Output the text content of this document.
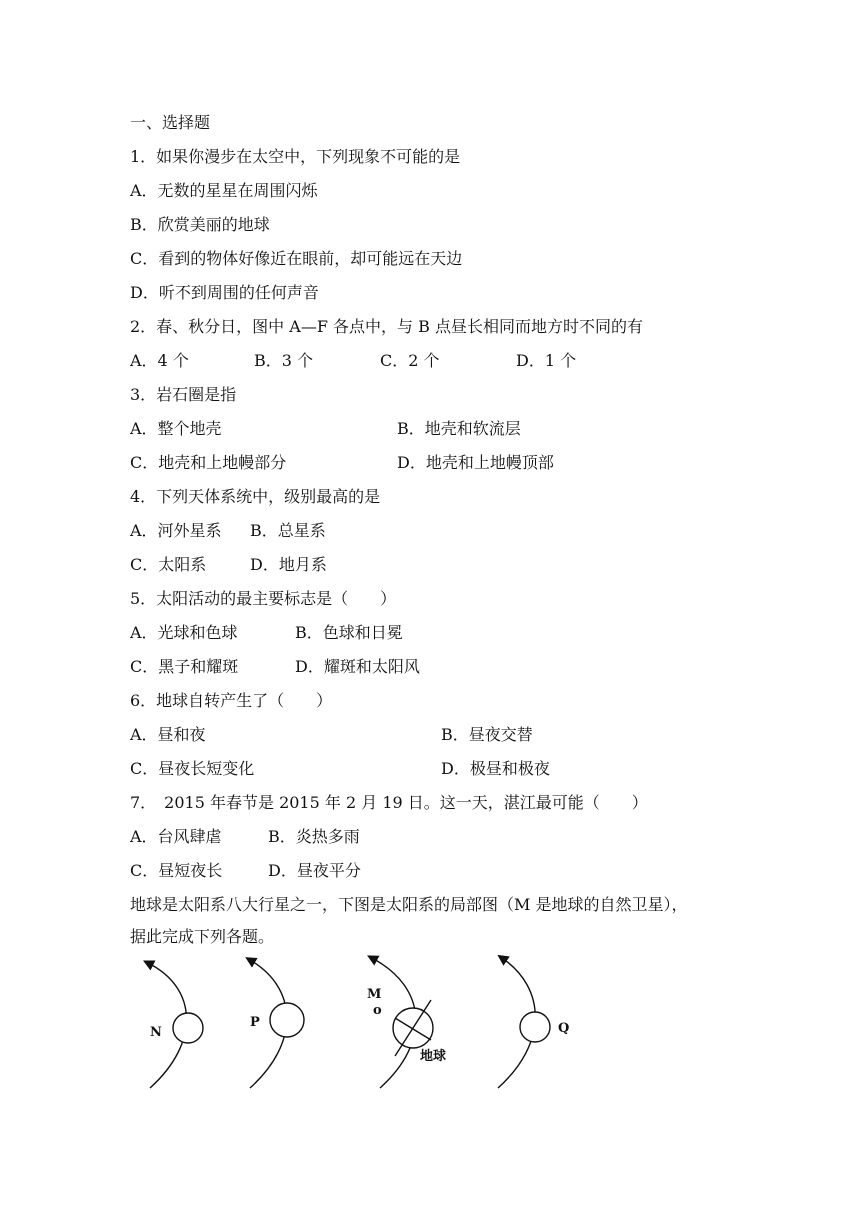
一、选择题
1．如果你漫步在太空中，下列现象不可能的是
A．无数的星星在周围闪烁
B．欣赏美丽的地球
C．看到的物体好像近在眼前，却可能远在天边
D．听不到周围的任何声音
2．春、秋分日，图中 A—F 各点中，与 B 点昼长相同而地方时不同的有
A．4 个	B．3 个	C．2 个	D．1 个
3．岩石圈是指
A．整个地壳	B．地壳和软流层
C．地壳和上地幔部分	D．地壳和上地幔顶部
4．下列天体系统中，级别最高的是
A．河外星系 B．总星系
C．太阳系	D．地月系
5．太阳活动的最主要标志是（　　）
A．光球和色球	B．色球和日冕
C．黑子和耀斑	D．耀斑和太阳风
6．地球自转产生了（　　）
A．昼和夜	B．昼夜交替
C．昼夜长短变化	D．极昼和极夜
7．　2015 年春节是 2015 年 2 月 19 日。这一天，湛江最可能（　　）
A．台风肆虐	B．炎热多雨
C．昼短夜长	D．昼夜平分
地球是太阳系八大行星之一，下图是太阳系的局部图（M 是地球的自然卫星），
据此完成下列各题。
N
P
M
o
地球
Q
